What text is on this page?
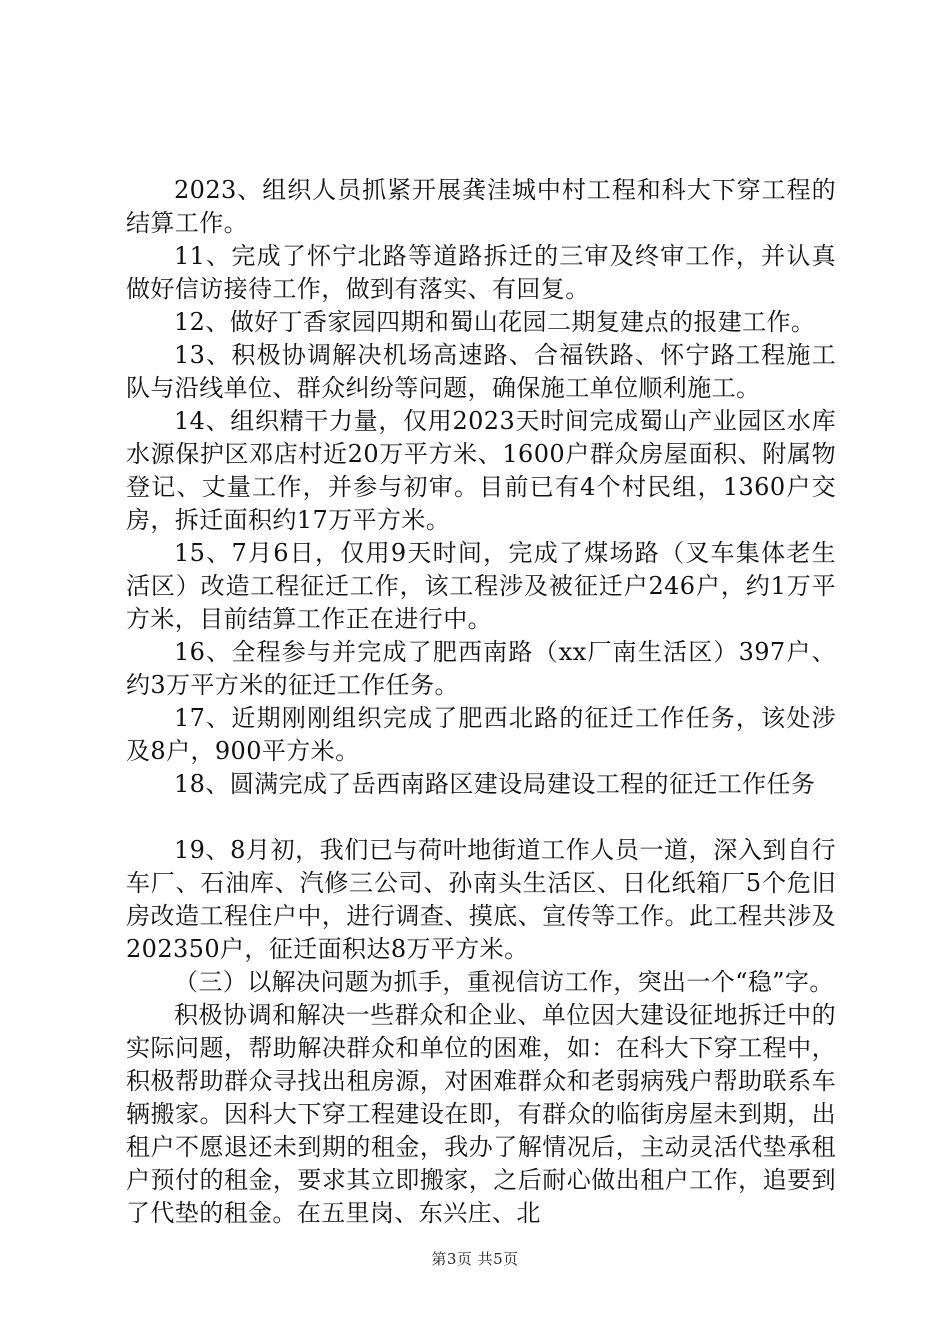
2023、组织人员抓紧开展龚洼城中村工程和科大下穿工程的结算工作。

11、完成了怀宁北路等道路拆迁的三审及终审工作，并认真做好信访接待工作，做到有落实、有回复。

12、做好丁香家园四期和蜀山花园二期复建点的报建工作。

13、积极协调解决机场高速路、合福铁路、怀宁路工程施工队与沿线单位、群众纠纷等问题，确保施工单位顺利施工。

14、组织精干力量，仅用2023天时间完成蜀山产业园区水库水源保护区邓店村近20万平方米、1600户群众房屋面积、附属物登记、丈量工作，并参与初审。目前已有4个村民组，1360户交房，拆迁面积约17万平方米。

15、7月6日，仅用9天时间，完成了煤场路（叉车集体老生活区）改造工程征迁工作，该工程涉及被征迁户246户，约1万平方米，目前结算工作正在进行中。

16、全程参与并完成了肥西南路（xx厂南生活区）397户、约3万平方米的征迁工作任务。

17、近期刚刚组织完成了肥西北路的征迁工作任务，该处涉及8户，900平方米。

18、圆满完成了岳西南路区建设局建设工程的征迁工作任务

19、8月初，我们已与荷叶地街道工作人员一道，深入到自行车厂、石油库、汽修三公司、孙南头生活区、日化纸箱厂5个危旧房改造工程住户中，进行调查、摸底、宣传等工作。此工程共涉及202350户，征迁面积达8万平方米。

（三）以解决问题为抓手，重视信访工作，突出一个“稳”字。

积极协调和解决一些群众和企业、单位因大建设征地拆迁中的实际问题，帮助解决群众和单位的困难，如：在科大下穿工程中，积极帮助群众寻找出租房源，对困难群众和老弱病残户帮助联系车辆搬家。因科大下穿工程建设在即，有群众的临街房屋未到期，出租户不愿退还未到期的租金，我办了解情况后，主动灵活代垫承租户预付的租金，要求其立即搬家，之后耐心做出租户工作，追要到了代垫的租金。在五里岗、东兴庄、北

第3页 共5页
